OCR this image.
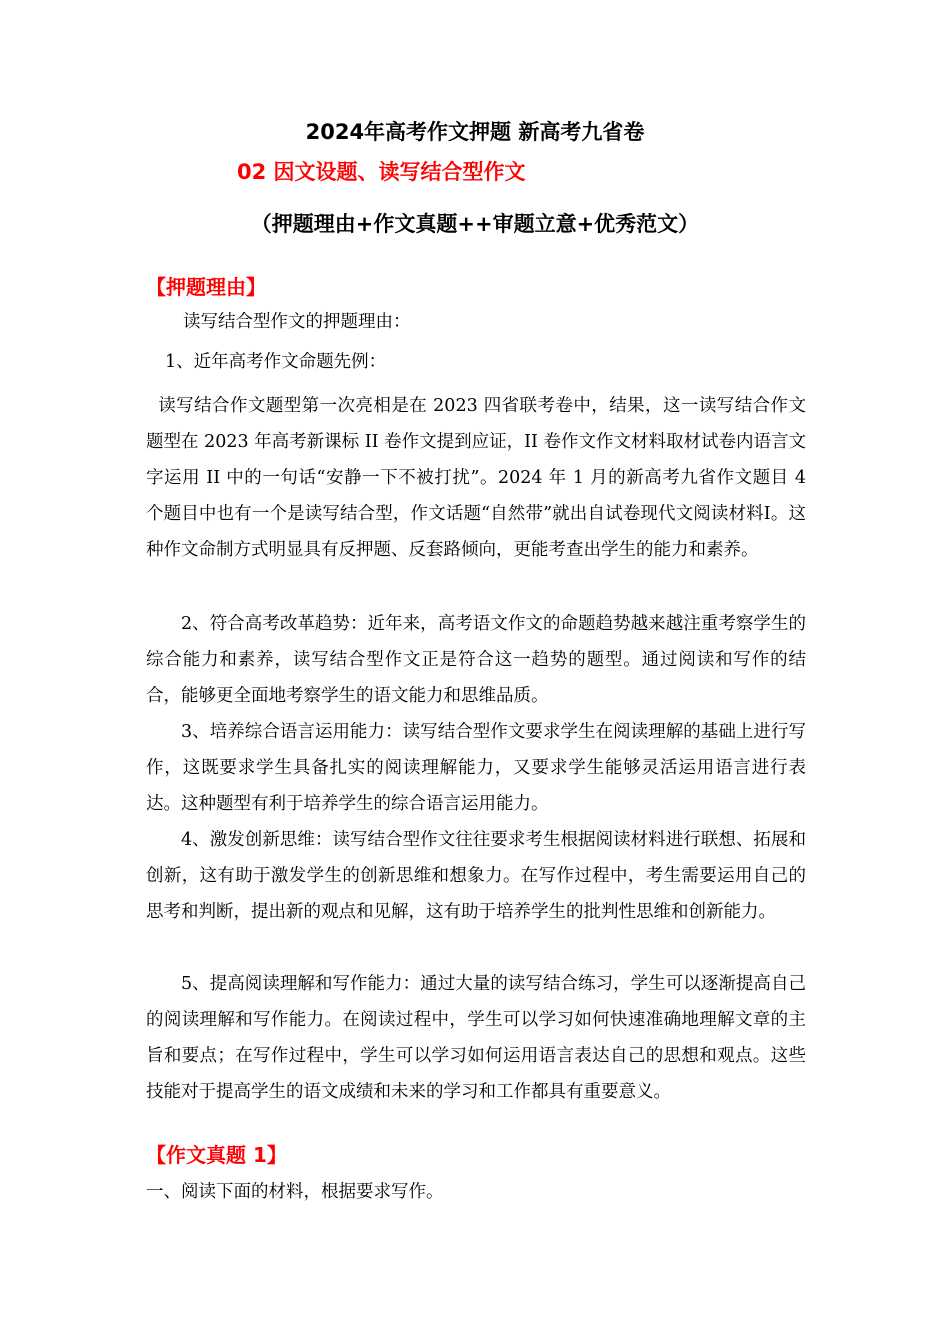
2024年高考作文押题 新高考九省卷
02 因文设题、读写结合型作文
（押题理由+作文真题++审题立意+优秀范文）
【押题理由】
读写结合型作文的押题理由：
1、近年高考作文命题先例：

读写结合作文题型第一次亮相是在 2023 四省联考卷中，结果，这一读写结合作文题型在 2023 年高考新课标 II 卷作文提到应证，II 卷作文作文材料取材试卷内语言文字运用 II 中的一句话“安静一下不被打扰”。2024 年 1 月的新高考九省作文题目 4 个题目中也有一个是读写结合型，作文话题“自然带”就出自试卷现代文阅读材料Ⅰ。这种作文命制方式明显具有反押题、反套路倾向，更能考查出学生的能力和素养。

2、符合高考改革趋势：近年来，高考语文作文的命题趋势越来越注重考察学生的综合能力和素养，读写结合型作文正是符合这一趋势的题型。通过阅读和写作的结合，能够更全面地考察学生的语文能力和思维品质。

3、培养综合语言运用能力：读写结合型作文要求学生在阅读理解的基础上进行写作，这既要求学生具备扎实的阅读理解能力，又要求学生能够灵活运用语言进行表达。这种题型有利于培养学生的综合语言运用能力。

4、激发创新思维：读写结合型作文往往要求考生根据阅读材料进行联想、拓展和创新，这有助于激发学生的创新思维和想象力。在写作过程中，考生需要运用自己的思考和判断，提出新的观点和见解，这有助于培养学生的批判性思维和创新能力。

5、提高阅读理解和写作能力：通过大量的读写结合练习，学生可以逐渐提高自己的阅读理解和写作能力。在阅读过程中，学生可以学习如何快速准确地理解文章的主旨和要点；在写作过程中，学生可以学习如何运用语言表达自己的思想和观点。这些技能对于提高学生的语文成绩和未来的学习和工作都具有重要意义。

【作文真题 1】
一、阅读下面的材料，根据要求写作。
